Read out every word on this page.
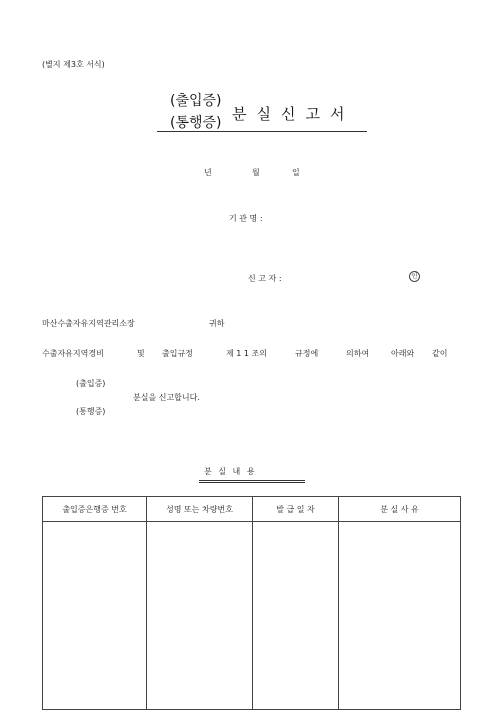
(별지 제3호 서식)
(출입증)
(통행증) 분실신고서
년	월	일
기 관 명 :
신 고 자 :	인
마산수출자유지역관리소장	귀하
수출자유지역경비	및 출입규정	제 1 1 조의	규정에	의하여	아래와 같이
(출입증)
분실을 신고합니다.
(통행증)
분 실 내 용
출입증은행증 번호	성명 또는 차량번호	발 급 일 자	분 실 사 유
